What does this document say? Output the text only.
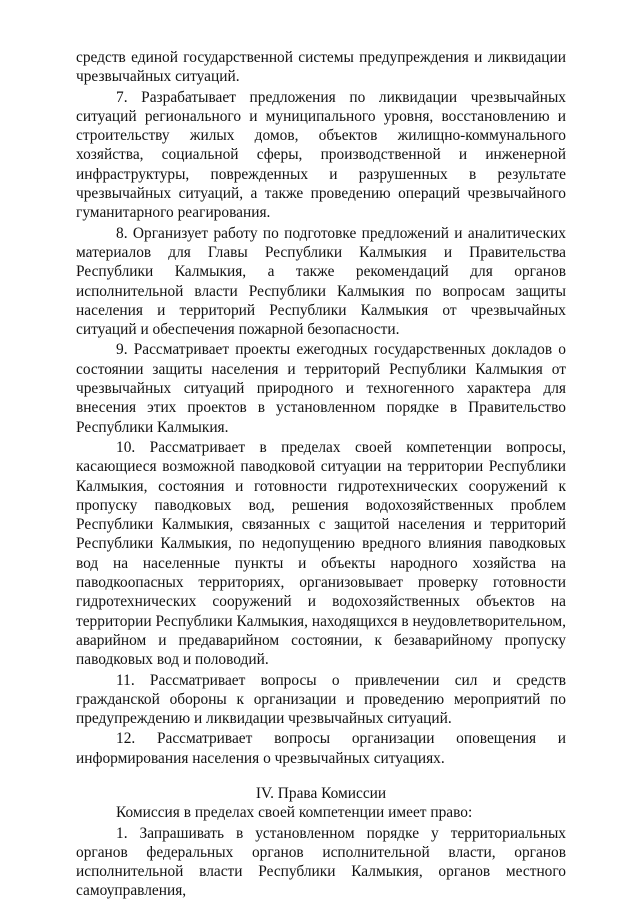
средств единой государственной системы предупреждения и ликвидации чрезвычайных ситуаций.

7. Разрабатывает предложения по ликвидации чрезвычайных ситуаций регионального и муниципального уровня, восстановлению и строительству жилых домов, объектов жилищно-коммунального хозяйства, социальной сферы, производственной и инженерной инфраструктуры, поврежденных и разрушенных в результате чрезвычайных ситуаций, а также проведению операций чрезвычайного гуманитарного реагирования.

8. Организует работу по подготовке предложений и аналитических материалов для Главы Республики Калмыкия и Правительства Республики Калмыкия, а также рекомендаций для органов исполнительной власти Республики Калмыкия по вопросам защиты населения и территорий Республики Калмыкия от чрезвычайных ситуаций и обеспечения пожарной безопасности.

9. Рассматривает проекты ежегодных государственных докладов о состоянии защиты населения и территорий Республики Калмыкия от чрезвычайных ситуаций природного и техногенного характера для внесения этих проектов в установленном порядке в Правительство Республики Калмыкия.

10. Рассматривает в пределах своей компетенции вопросы, касающиеся возможной паводковой ситуации на территории Республики Калмыкия, состояния и готовности гидротехнических сооружений к пропуску паводковых вод, решения водохозяйственных проблем Республики Калмыкия, связанных с защитой населения и территорий Республики Калмыкия, по недопущению вредного влияния паводковых вод на населенные пункты и объекты народного хозяйства на паводкоопасных территориях, организовывает проверку готовности гидротехнических сооружений и водохозяйственных объектов на территории Республики Калмыкия, находящихся в неудовлетворительном, аварийном и предаварийном состоянии, к безаварийному пропуску паводковых вод и половодий.

11. Рассматривает вопросы о привлечении сил и средств гражданской обороны к организации и проведению мероприятий по предупреждению и ликвидации чрезвычайных ситуаций.

12. Рассматривает вопросы организации оповещения и информирования населения о чрезвычайных ситуациях.

IV. Права Комиссии

Комиссия в пределах своей компетенции имеет право:

1. Запрашивать в установленном порядке у территориальных органов федеральных органов исполнительной власти, органов исполнительной власти Республики Калмыкия, органов местного самоуправления,
